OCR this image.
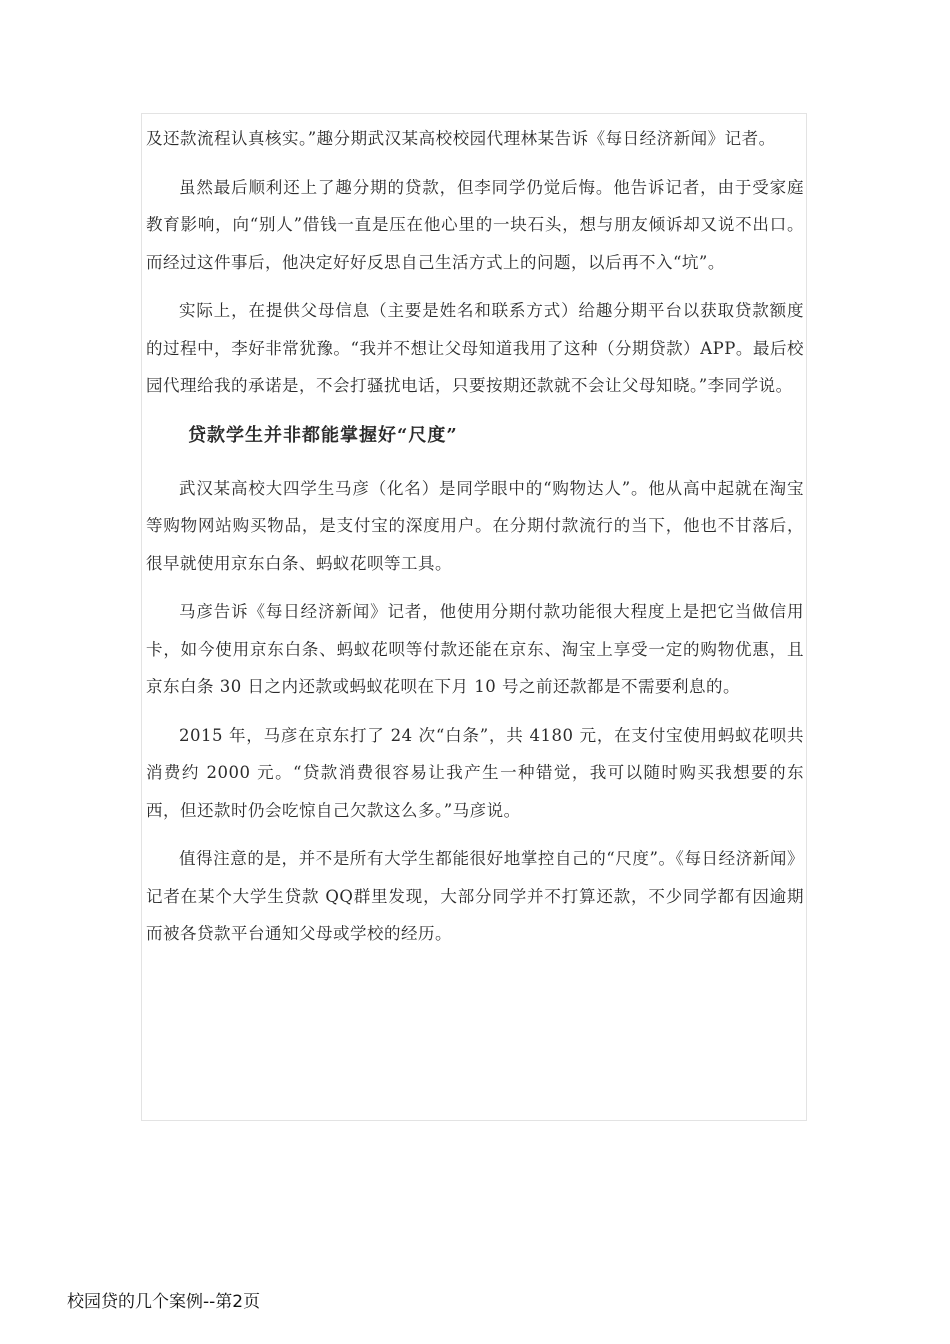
及还款流程认真核实。”趣分期武汉某高校校园代理林某告诉《每日经济新闻》记者。

虽然最后顺利还上了趣分期的贷款，但李同学仍觉后悔。他告诉记者，由于受家庭教育影响，向“别人”借钱一直是压在他心里的一块石头，想与朋友倾诉却又说不出口。而经过这件事后，他决定好好反思自己生活方式上的问题，以后再不入“坑”。

实际上，在提供父母信息（主要是姓名和联系方式）给趣分期平台以获取贷款额度的过程中，李好非常犹豫。“我并不想让父母知道我用了这种（分期贷款）APP。最后校园代理给我的承诺是，不会打骚扰电话，只要按期还款就不会让父母知晓。”李同学说。

贷款学生并非都能掌握好“尺度”

武汉某高校大四学生马彦（化名）是同学眼中的“购物达人”。他从高中起就在淘宝等购物网站购买物品，是支付宝的深度用户。在分期付款流行的当下，他也不甘落后，很早就使用京东白条、蚂蚁花呗等工具。

马彦告诉《每日经济新闻》记者，他使用分期付款功能很大程度上是把它当做信用卡，如今使用京东白条、蚂蚁花呗等付款还能在京东、淘宝上享受一定的购物优惠，且京东白条 30 日之内还款或蚂蚁花呗在下月 10 号之前还款都是不需要利息的。

2015 年，马彦在京东打了 24 次“白条”，共 4180 元，在支付宝使用蚂蚁花呗共消费约 2000 元。“贷款消费很容易让我产生一种错觉，我可以随时购买我想要的东西，但还款时仍会吃惊自己欠款这么多。”马彦说。

值得注意的是，并不是所有大学生都能很好地掌控自己的“尺度”。《每日经济新闻》记者在某个大学生贷款 QQ群里发现，大部分同学并不打算还款，不少同学都有因逾期而被各贷款平台通知父母或学校的经历。

校园贷的几个案例--第2页
